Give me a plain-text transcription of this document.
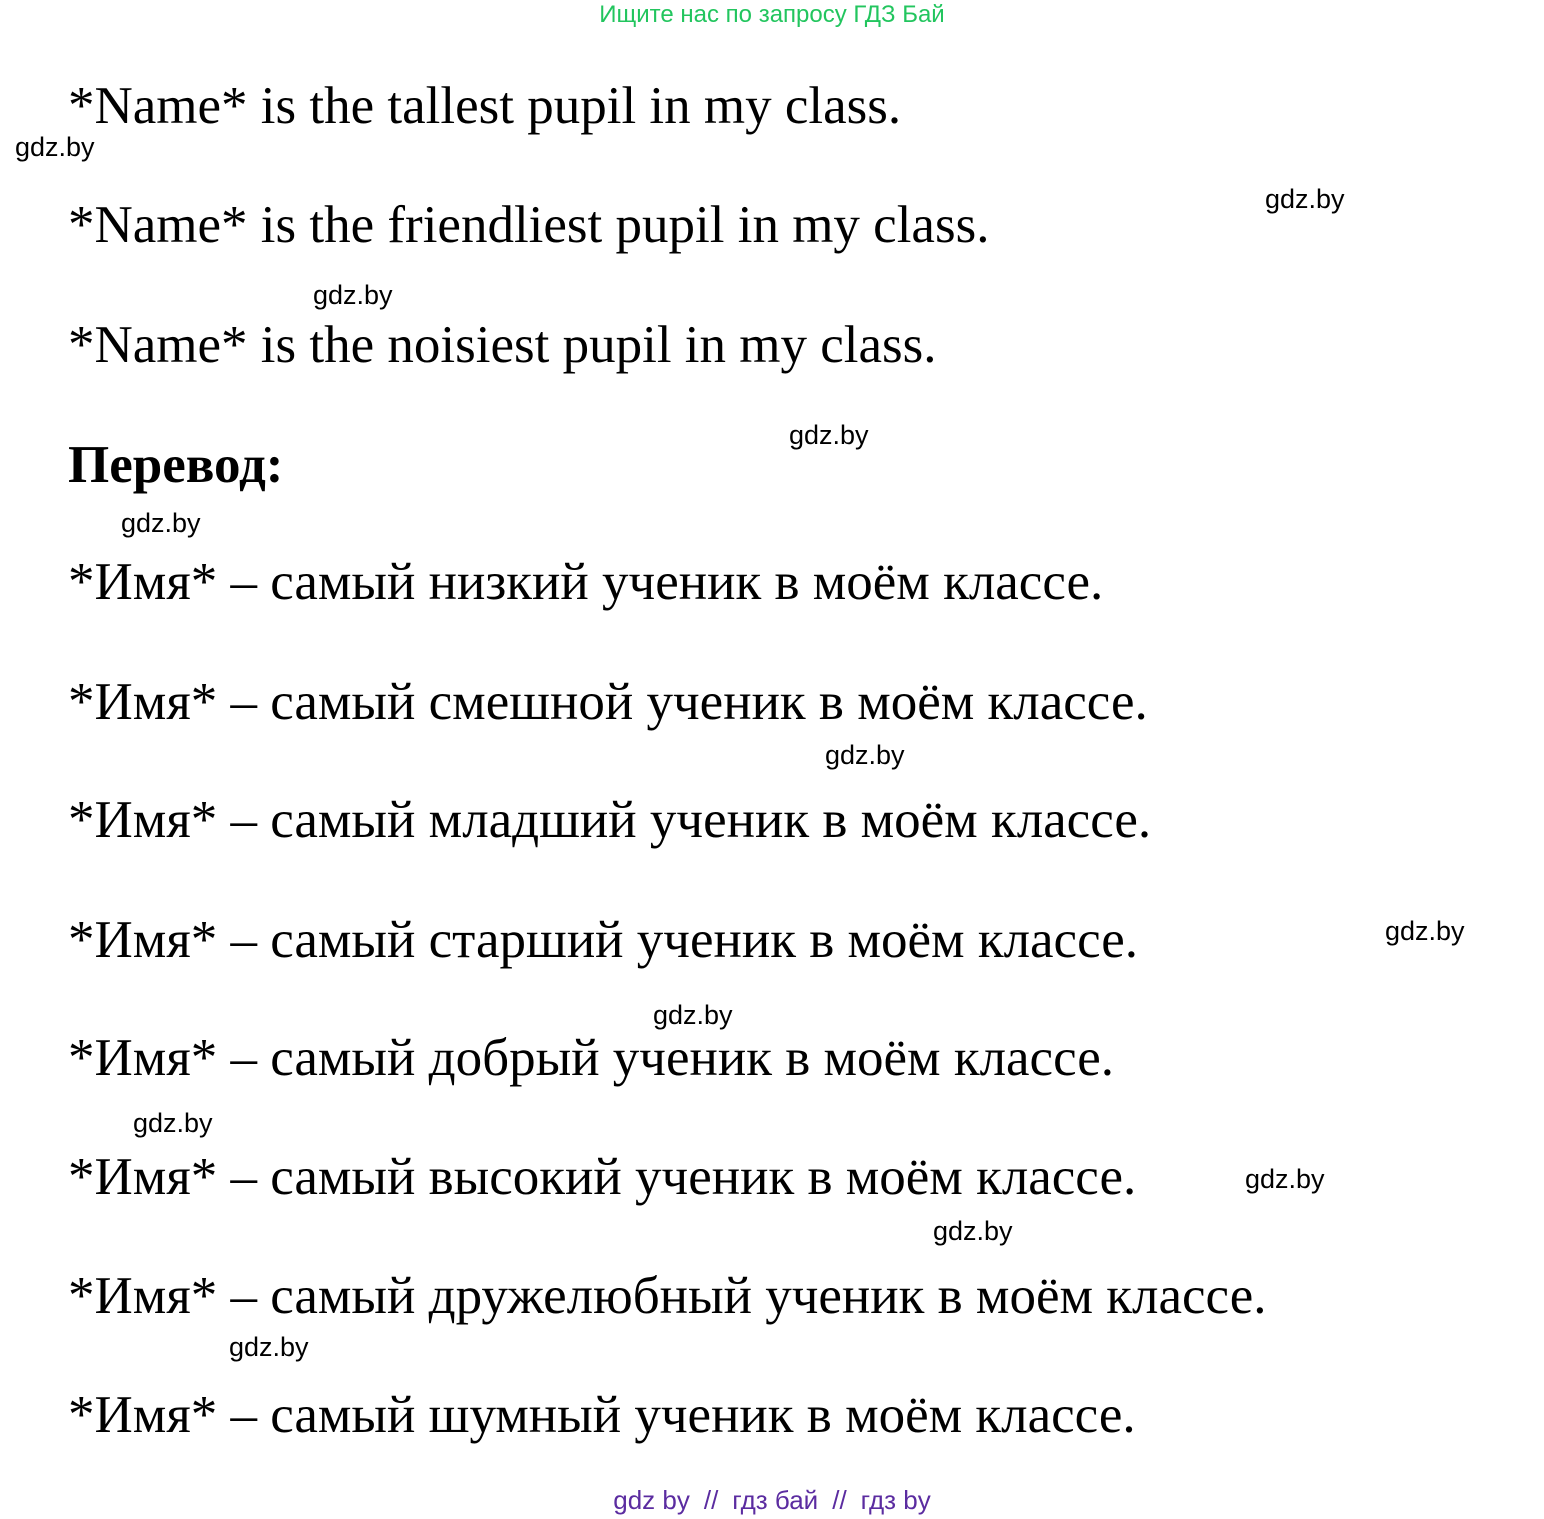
Ищите нас по запросу ГДЗ Бай
*Name* is the tallest pupil in my class.
*Name* is the friendliest pupil in my class.
*Name* is the noisiest pupil in my class.
Перевод:
*Имя* – самый низкий ученик в моём классе.
*Имя* – самый смешной ученик в моём классе.
*Имя* – самый младший ученик в моём классе.
*Имя* – самый старший ученик в моём классе.
*Имя* – самый добрый ученик в моём классе.
*Имя* – самый высокий ученик в моём классе.
*Имя* – самый дружелюбный ученик в моём классе.
*Имя* – самый шумный ученик в моём классе.
gdz.by
gdz.by
gdz.by
gdz.by
gdz.by
gdz.by
gdz.by
gdz.by
gdz.by
gdz.by
gdz.by
gdz.by
gdz by // гдз бай // гдз by
